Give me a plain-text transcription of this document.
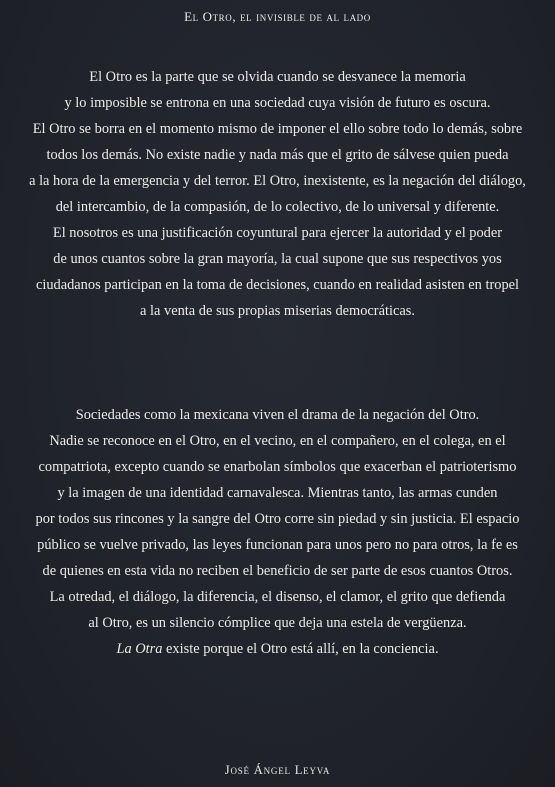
El Otro, el invisible de al lado
El Otro es la parte que se olvida cuando se desvanece la memoria
y lo imposible se entrona en una sociedad cuya visión de futuro es oscura.
El Otro se borra en el momento mismo de imponer el ello sobre todo lo demás, sobre
todos los demás. No existe nadie y nada más que el grito de sálvese quien pueda
a la hora de la emergencia y del terror. El Otro, inexistente, es la negación del diálogo,
del intercambio, de la compasión, de lo colectivo, de lo universal y diferente.
El nosotros es una justificación coyuntural para ejercer la autoridad y el poder
de unos cuantos sobre la gran mayoría, la cual supone que sus respectivos yos
ciudadanos participan en la toma de decisiones, cuando en realidad asisten en tropel
a la venta de sus propias miserias democráticas.
Sociedades como la mexicana viven el drama de la negación del Otro.
Nadie se reconoce en el Otro, en el vecino, en el compañero, en el colega, en el
compatriota, excepto cuando se enarbolan símbolos que exacerban el patrioterismo
y la imagen de una identidad carnavalesca. Mientras tanto, las armas cunden
por todos sus rincones y la sangre del Otro corre sin piedad y sin justicia. El espacio
público se vuelve privado, las leyes funcionan para unos pero no para otros, la fe es
de quienes en esta vida no reciben el beneficio de ser parte de esos cuantos Otros.
La otredad, el diálogo, la diferencia, el disenso, el clamor, el grito que defienda
al Otro, es un silencio cómplice que deja una estela de vergüenza.
La Otra existe porque el Otro está allí, en la conciencia.
José Ángel Leyva
